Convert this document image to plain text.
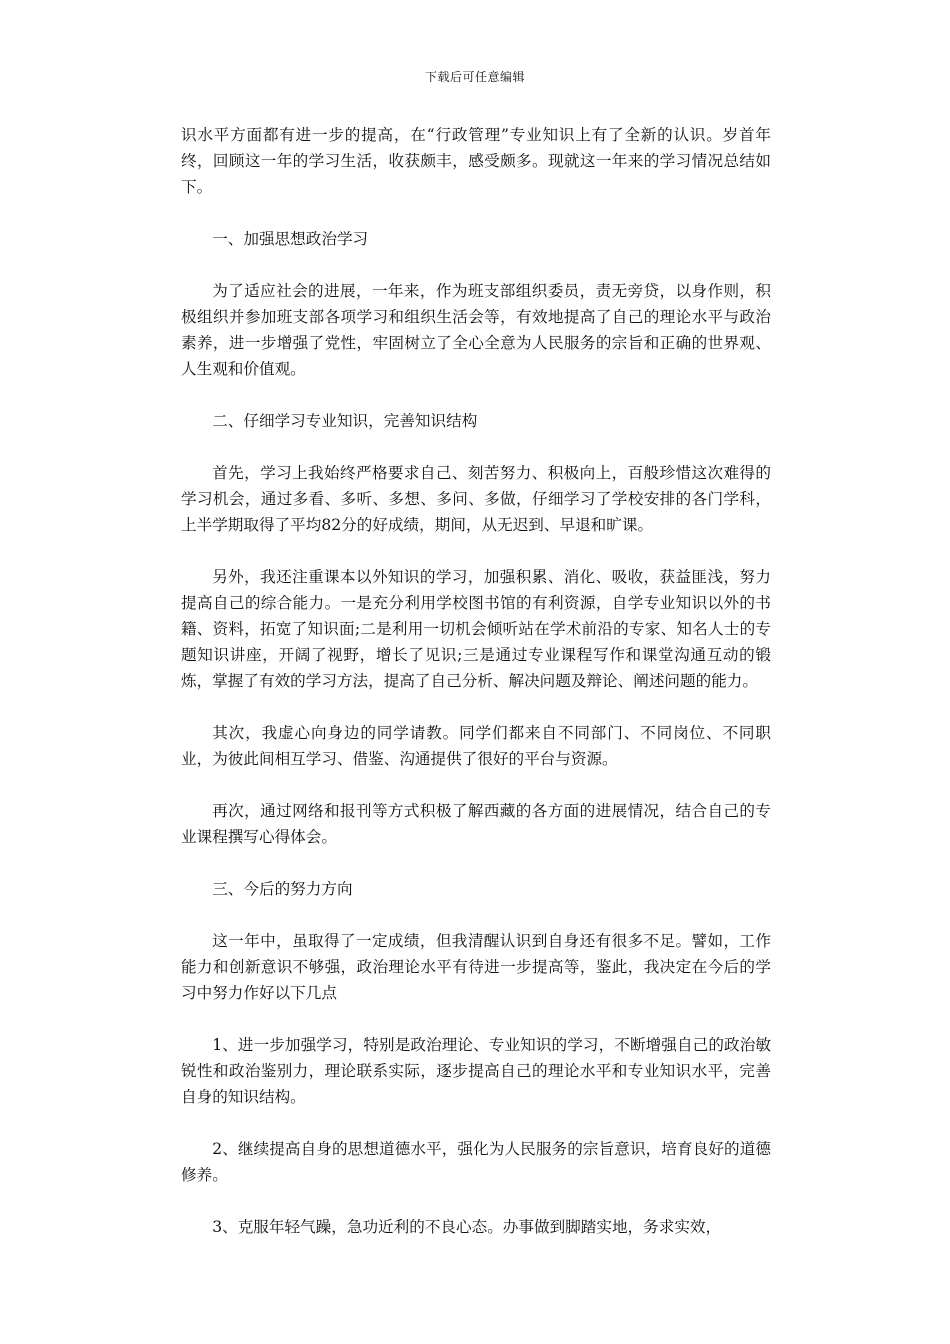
下载后可任意编辑

识水平方面都有进一步的提高，在“行政管理”专业知识上有了全新的认识。岁首年终，回顾这一年的学习生活，收获颇丰，感受颇多。现就这一年来的学习情况总结如下。

一、加强思想政治学习

为了适应社会的进展，一年来，作为班支部组织委员，责无旁贷，以身作则，积极组织并参加班支部各项学习和组织生活会等，有效地提高了自己的理论水平与政治素养，进一步增强了党性，牢固树立了全心全意为人民服务的宗旨和正确的世界观、人生观和价值观。

二、仔细学习专业知识，完善知识结构

首先，学习上我始终严格要求自己、刻苦努力、积极向上，百般珍惜这次难得的学习机会，通过多看、多听、多想、多问、多做，仔细学习了学校安排的各门学科，上半学期取得了平均82分的好成绩，期间，从无迟到、早退和旷课。

另外，我还注重课本以外知识的学习，加强积累、消化、吸收，获益匪浅，努力提高自己的综合能力。一是充分利用学校图书馆的有利资源，自学专业知识以外的书籍、资料，拓宽了知识面;二是利用一切机会倾听站在学术前沿的专家、知名人士的专题知识讲座，开阔了视野，增长了见识;三是通过专业课程写作和课堂沟通互动的锻炼，掌握了有效的学习方法，提高了自己分析、解决问题及辩论、阐述问题的能力。

其次，我虚心向身边的同学请教。同学们都来自不同部门、不同岗位、不同职业，为彼此间相互学习、借鉴、沟通提供了很好的平台与资源。

再次，通过网络和报刊等方式积极了解西藏的各方面的进展情况，结合自己的专业课程撰写心得体会。

三、今后的努力方向

这一年中，虽取得了一定成绩，但我清醒认识到自身还有很多不足。譬如，工作能力和创新意识不够强，政治理论水平有待进一步提高等，鉴此，我决定在今后的学习中努力作好以下几点

1、进一步加强学习，特别是政治理论、专业知识的学习，不断增强自己的政治敏锐性和政治鉴别力，理论联系实际，逐步提高自己的理论水平和专业知识水平，完善自身的知识结构。

2、继续提高自身的思想道德水平，强化为人民服务的宗旨意识，培育良好的道德修养。

3、克服年轻气躁，急功近利的不良心态。办事做到脚踏实地，务求实效，
